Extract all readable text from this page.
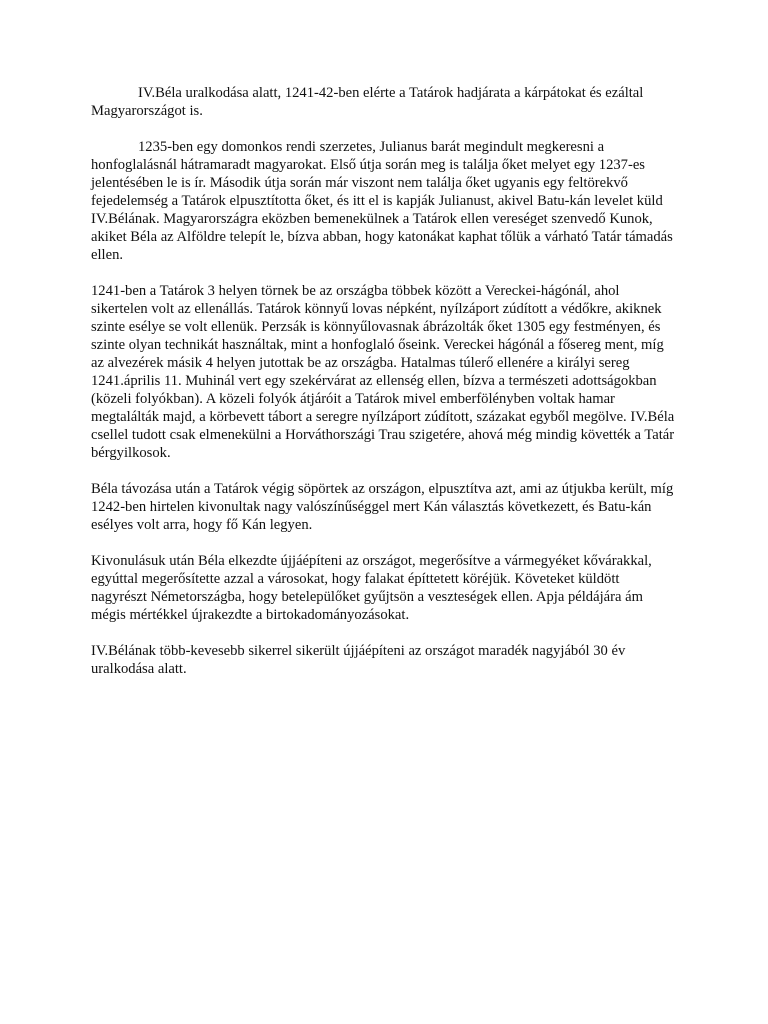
IV.Béla uralkodása alatt, 1241-42-ben elérte a Tatárok hadjárata a kárpátokat és ezáltal Magyarországot is.

1235-ben egy domonkos rendi szerzetes, Julianus barát megindult megkeresni a honfoglalásnál hátramaradt magyarokat. Első útja során meg is találja őket melyet egy 1237-es jelentésében le is ír. Második útja során már viszont nem találja őket ugyanis egy feltörekvő fejedelemség a Tatárok elpusztította őket, és itt el is kapják Julianust, akivel Batu-kán levelet küld IV.Bélának. Magyarországra eközben bemenekülnek a Tatárok ellen vereséget szenvedő Kunok, akiket Béla az Alföldre telepít le, bízva abban, hogy katonákat kaphat tőlük a várható Tatár támadás ellen.

1241-ben a Tatárok 3 helyen törnek be az országba többek között a Vereckei-hágónál, ahol sikertelen volt az ellenállás. Tatárok könnyű lovas népként, nyílzáport zúdított a védőkre, akiknek szinte esélye se volt ellenük. Perzsák is könnyűlovasnak ábrázolták őket 1305 egy festményen, és szinte olyan technikát használtak, mint a honfoglaló őseink. Vereckei hágónál a fősereg ment, míg az alvezérek másik 4 helyen jutottak be az országba. Hatalmas túlerő ellenére a királyi sereg 1241.április 11. Muhinál vert egy szekérvárat az ellenség ellen, bízva a természeti adottságokban (közeli folyókban). A közeli folyók átjáróit a Tatárok mivel emberfölényben voltak hamar megtalálták majd, a körbevett tábort a seregre nyílzáport zúdított, százakat egyből megölve. IV.Béla csellel tudott csak elmenekülni a Horváthországi Trau szigetére, ahová még mindig követték a Tatár bérgyilkosok.

Béla távozása után a Tatárok végig söpörtek az országon, elpusztítva azt, ami az útjukba került, míg 1242-ben hirtelen kivonultak nagy valószínűséggel mert Kán választás következett, és Batu-kán esélyes volt arra, hogy fő Kán legyen.

Kivonulásuk után Béla elkezdte újjáépíteni az országot, megerősítve a vármegyéket kővárakkal, egyúttal megerősítette azzal a városokat, hogy falakat építtetett köréjük. Követeket küldött nagyrészt Németországba, hogy betelepülőket gyűjtsön a veszteségek ellen. Apja példájára ám mégis mértékkel újrakezdte a birtokadományozásokat.

IV.Bélának több-kevesebb sikerrel sikerült újjáépíteni az országot maradék nagyjából 30 év uralkodása alatt.
